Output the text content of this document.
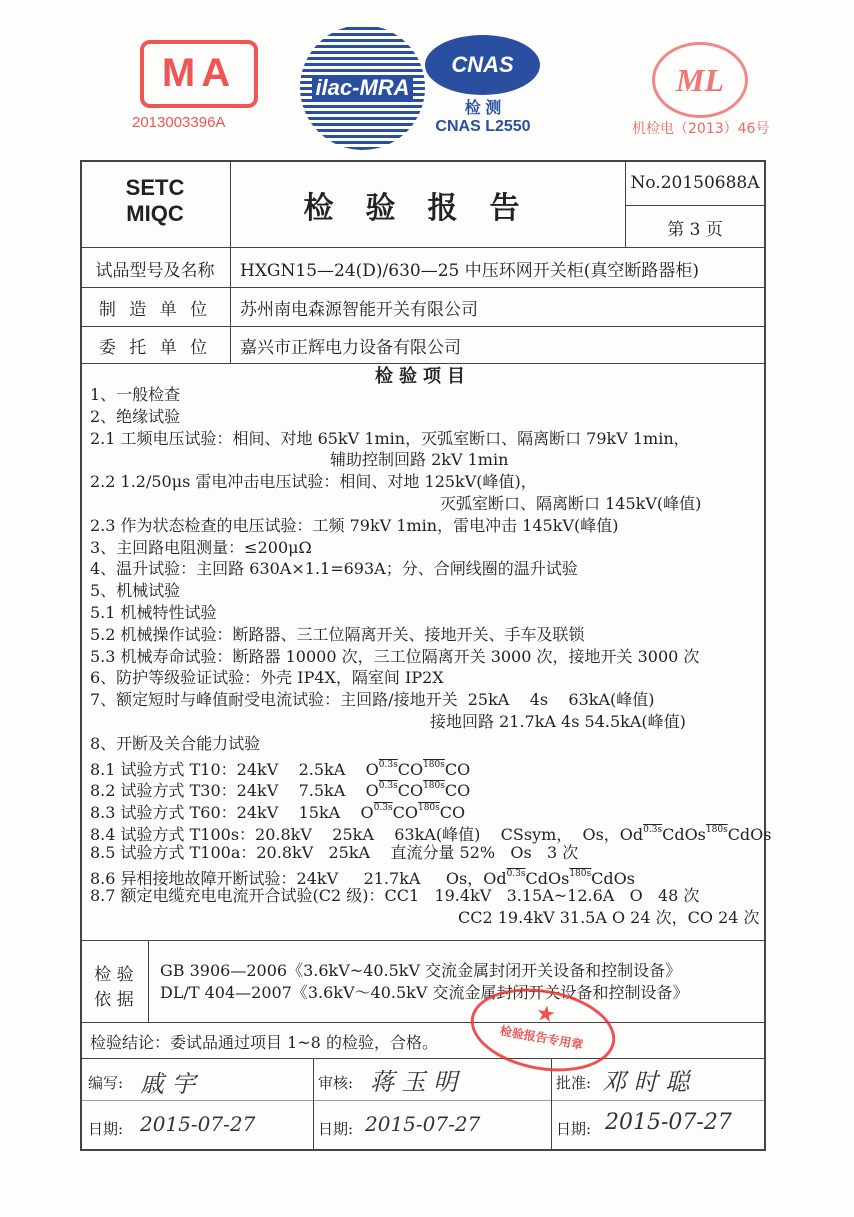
MA
2013003396A
ilac-MRA
CNAS
检 测
CNAS L2550
ML
机检电（2013）46号
SETC
MIQC	检验报告
No.20150688A
第 3 页
试品型号及名称	HXGN15—24(D)/630—25 中压环网开关柜(真空断路器柜)
制 造 单 位	苏州南电森源智能开关有限公司
委 托 单 位	嘉兴市正辉电力设备有限公司
检验项目
1、一般检查
2、绝缘试验
2.1 工频电压试验：相间、对地 65kV 1min，灭弧室断口、隔离断口 79kV 1min，
辅助控制回路 2kV 1min
2.2 1.2/50μs 雷电冲击电压试验：相间、对地 125kV(峰值)，
灭弧室断口、隔离断口 145kV(峰值)
2.3 作为状态检查的电压试验：工频 79kV 1min，雷电冲击 145kV(峰值)
3、主回路电阻测量：≤200μΩ
4、温升试验：主回路 630A×1.1=693A；分、合闸线圈的温升试验
5、机械试验
5.1 机械特性试验
5.2 机械操作试验：断路器、三工位隔离开关、接地开关、手车及联锁
5.3 机械寿命试验：断路器 10000 次，三工位隔离开关 3000 次，接地开关 3000 次
6、防护等级验证试验：外壳 IP4X，隔室间 IP2X
7、额定短时与峰值耐受电流试验：主回路/接地开关  25kA    4s    63kA(峰值)
接地回路 21.7kA 4s 54.5kA(峰值)
8、开断及关合能力试验
8.1 试验方式 T10：24kV    2.5kA    $O^{0.3s}CO^{180s}CO$
8.2 试验方式 T30：24kV    7.5kA    $O^{0.3s}CO^{180s}CO$
8.3 试验方式 T60：24kV    15kA    $O^{0.3s}CO^{180s}CO$
8.4 试验方式 T100s：20.8kV    25kA    63kA(峰值)    CSsym，  Os，$Od^{0.3s}CdOs^{180s}CdOs$
8.5 试验方式 T100a：20.8kV   25kA    直流分量 52%   Os   3 次
8.6 异相接地故障开断试验：24kV     21.7kA     Os，$Od^{0.3s}CdOs^{180s}CdOs$
8.7 额定电缆充电电流开合试验(C2 级)：CC1   19.4kV   3.15A~12.6A   O   48 次
CC2 19.4kV 31.5A O 24 次，CO 24 次
检 验
依 据
GB 3906—2006《3.6kV~40.5kV 交流金属封闭开关设备和控制设备》
DL/T 404—2007《3.6kV～40.5kV 交流金属封闭开关设备和控制设备》
检验结论：委试品通过项目 1~8 的检验，合格。
编写: 戚 宇	审核: 蒋 玉 明	批准: 邓 时 聪
日期: 2015-07-27	日期: 2015-07-27	日期: 2015-07-27
★
检验报告专用章
